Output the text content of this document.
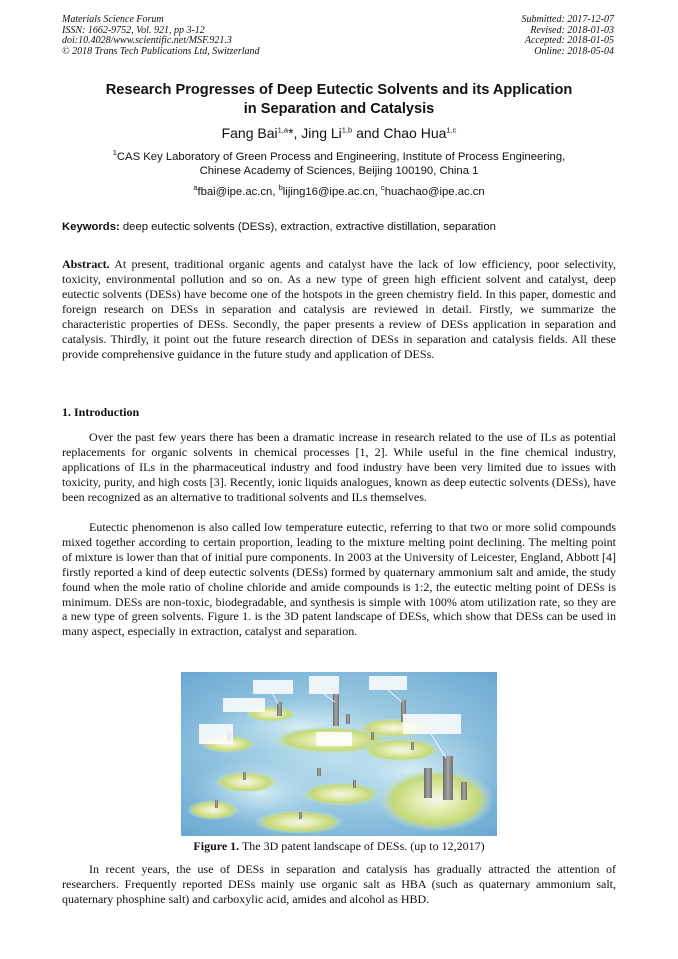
Materials Science Forum
ISSN: 1662-9752, Vol. 921, pp 3-12
doi:10.4028/www.scientific.net/MSF.921.3
© 2018 Trans Tech Publications Ltd, Switzerland
Submitted: 2017-12-07
Revised: 2018-01-03
Accepted: 2018-01-05
Online: 2018-05-04
Research Progresses of Deep Eutectic Solvents and its Application
in Separation and Catalysis
Fang Bai$^{1,a}$*, Jing Li$^{1,b}$ and Chao Hua$^{1,c}$
$^1$CAS Key Laboratory of Green Process and Engineering, Institute of Process Engineering,
Chinese Academy of Sciences, Beijing 100190, China 1
$^a$fbai@ipe.ac.cn, $^b$lijing16@ipe.ac.cn, $^c$huachao@ipe.ac.cn
Keywords: deep eutectic solvents (DESs), extraction, extractive distillation, separation
Abstract. At present, traditional organic agents and catalyst have the lack of low efficiency, poor selectivity, toxicity, environmental pollution and so on. As a new type of green high efficient solvent and catalyst, deep eutectic solvents (DESs) have become one of the hotspots in the green chemistry field. In this paper, domestic and foreign research on DESs in separation and catalysis are reviewed in detail. Firstly, we summarize the characteristic properties of DESs. Secondly, the paper presents a review of DESs application in separation and catalysis. Thirdly, it point out the future research direction of DESs in separation and catalysis fields. All these provide comprehensive guidance in the future study and application of DESs.
1. Introduction

Over the past few years there has been a dramatic increase in research related to the use of ILs as potential replacements for organic solvents in chemical processes [1, 2]. While useful in the fine chemical industry, applications of ILs in the pharmaceutical industry and food industry have been very limited due to issues with toxicity, purity, and high costs [3]. Recently, ionic liquids analogues, known as deep eutectic solvents (DESs), have been recognized as an alternative to traditional solvents and ILs themselves.

Eutectic phenomenon is also called low temperature eutectic, referring to that two or more solid compounds mixed together according to certain proportion, leading to the mixture melting point declining. The melting point of mixture is lower than that of initial pure components. In 2003 at the University of Leicester, England, Abbott [4] firstly reported a kind of deep eutectic solvents (DESs) formed by quaternary ammonium salt and amide, the study found when the mole ratio of choline chloride and amide compounds is 1:2, the eutectic melting point of DESs is minimum. DESs are non-toxic, biodegradable, and synthesis is simple with 100% atom utilization rate, so they are a new type of green solvents. Figure 1. is the 3D patent landscape of DESs, which show that DESs can be used in many aspect, especially in extraction, catalyst and separation.

Figure 1. The 3D patent landscape of DESs. (up to 12,2017)

In recent years, the use of DESs in separation and catalysis has gradually attracted the attention of researchers. Frequently reported DESs mainly use organic salt as HBA (such as quaternary ammonium salt, quaternary phosphine salt) and carboxylic acid, amides and alcohol as HBD.
